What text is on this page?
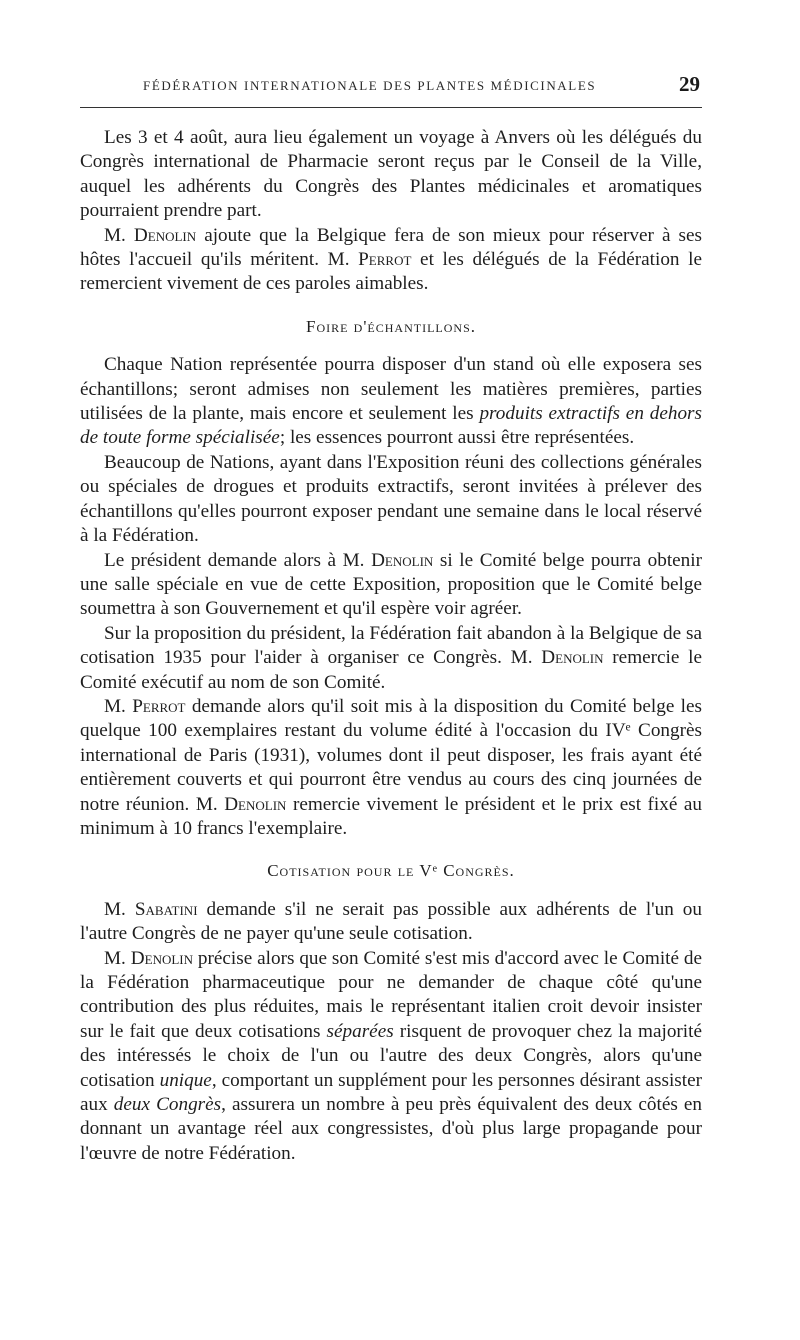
FÉDÉRATION INTERNATIONALE DES PLANTES MÉDICINALES	29

Les 3 et 4 août, aura lieu également un voyage à Anvers où les délégués du Congrès international de Pharmacie seront reçus par le Conseil de la Ville, auquel les adhérents du Congrès des Plantes médicinales et aromatiques pourraient prendre part.

M. Denolin ajoute que la Belgique fera de son mieux pour réserver à ses hôtes l'accueil qu'ils méritent. M. Perrot et les délégués de la Fédération le remercient vivement de ces paroles aimables.

Foire d'échantillons.

Chaque Nation représentée pourra disposer d'un stand où elle exposera ses échantillons; seront admises non seulement les matières premières, parties utilisées de la plante, mais encore et seulement les produits extractifs en dehors de toute forme spécialisée; les essences pourront aussi être représentées.

Beaucoup de Nations, ayant dans l'Exposition réuni des collections générales ou spéciales de drogues et produits extractifs, seront invitées à prélever des échantillons qu'elles pourront exposer pendant une semaine dans le local réservé à la Fédération.

Le président demande alors à M. Denolin si le Comité belge pourra obtenir une salle spéciale en vue de cette Exposition, proposition que le Comité belge soumettra à son Gouvernement et qu'il espère voir agréer.

Sur la proposition du président, la Fédération fait abandon à la Belgique de sa cotisation 1935 pour l'aider à organiser ce Congrès. M. Denolin remercie le Comité exécutif au nom de son Comité.

M. Perrot demande alors qu'il soit mis à la disposition du Comité belge les quelque 100 exemplaires restant du volume édité à l'occasion du IVᵉ Congrès international de Paris (1931), volumes dont il peut disposer, les frais ayant été entièrement couverts et qui pourront être vendus au cours des cinq journées de notre réunion. M. Denolin remercie vivement le président et le prix est fixé au minimum à 10 francs l'exemplaire.

Cotisation pour le Vᵉ Congrès.

M. Sabatini demande s'il ne serait pas possible aux adhérents de l'un ou l'autre Congrès de ne payer qu'une seule cotisation.

M. Denolin précise alors que son Comité s'est mis d'accord avec le Comité de la Fédération pharmaceutique pour ne demander de chaque côté qu'une contribution des plus réduites, mais le représentant italien croit devoir insister sur le fait que deux cotisations séparées risquent de provoquer chez la majorité des intéressés le choix de l'un ou l'autre des deux Congrès, alors qu'une cotisation unique, comportant un supplément pour les personnes désirant assister aux deux Congrès, assurera un nombre à peu près équivalent des deux côtés en donnant un avantage réel aux congressistes, d'où plus large propagande pour l'œuvre de notre Fédération.
